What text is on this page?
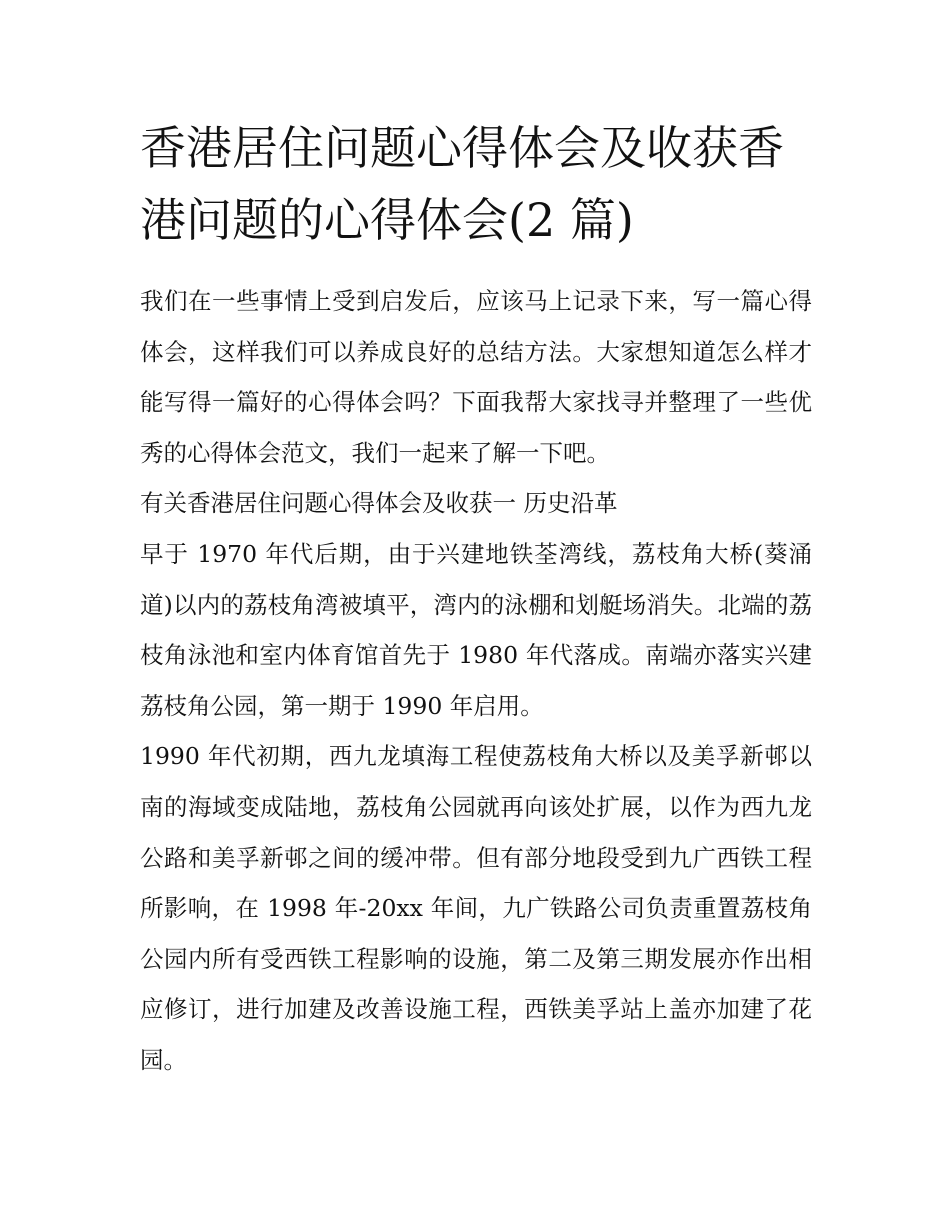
香港居住问题心得体会及收获香港问题的心得体会(2 篇)

我们在一些事情上受到启发后，应该马上记录下来，写一篇心得体会，这样我们可以养成良好的总结方法。大家想知道怎么样才能写得一篇好的心得体会吗？下面我帮大家找寻并整理了一些优秀的心得体会范文，我们一起来了解一下吧。

有关香港居住问题心得体会及收获一 历史沿革

早于 1970 年代后期，由于兴建地铁荃湾线，荔枝角大桥(葵涌道)以内的荔枝角湾被填平，湾内的泳棚和划艇场消失。北端的荔枝角泳池和室内体育馆首先于 1980 年代落成。南端亦落实兴建荔枝角公园，第一期于 1990 年启用。

1990 年代初期，西九龙填海工程使荔枝角大桥以及美孚新邨以南的海域变成陆地，荔枝角公园就再向该处扩展，以作为西九龙公路和美孚新邨之间的缓冲带。但有部分地段受到九广西铁工程所影响，在 1998 年-20xx 年间，九广铁路公司负责重置荔枝角公园内所有受西铁工程影响的设施，第二及第三期发展亦作出相应修订，进行加建及改善设施工程，西铁美孚站上盖亦加建了花园。
